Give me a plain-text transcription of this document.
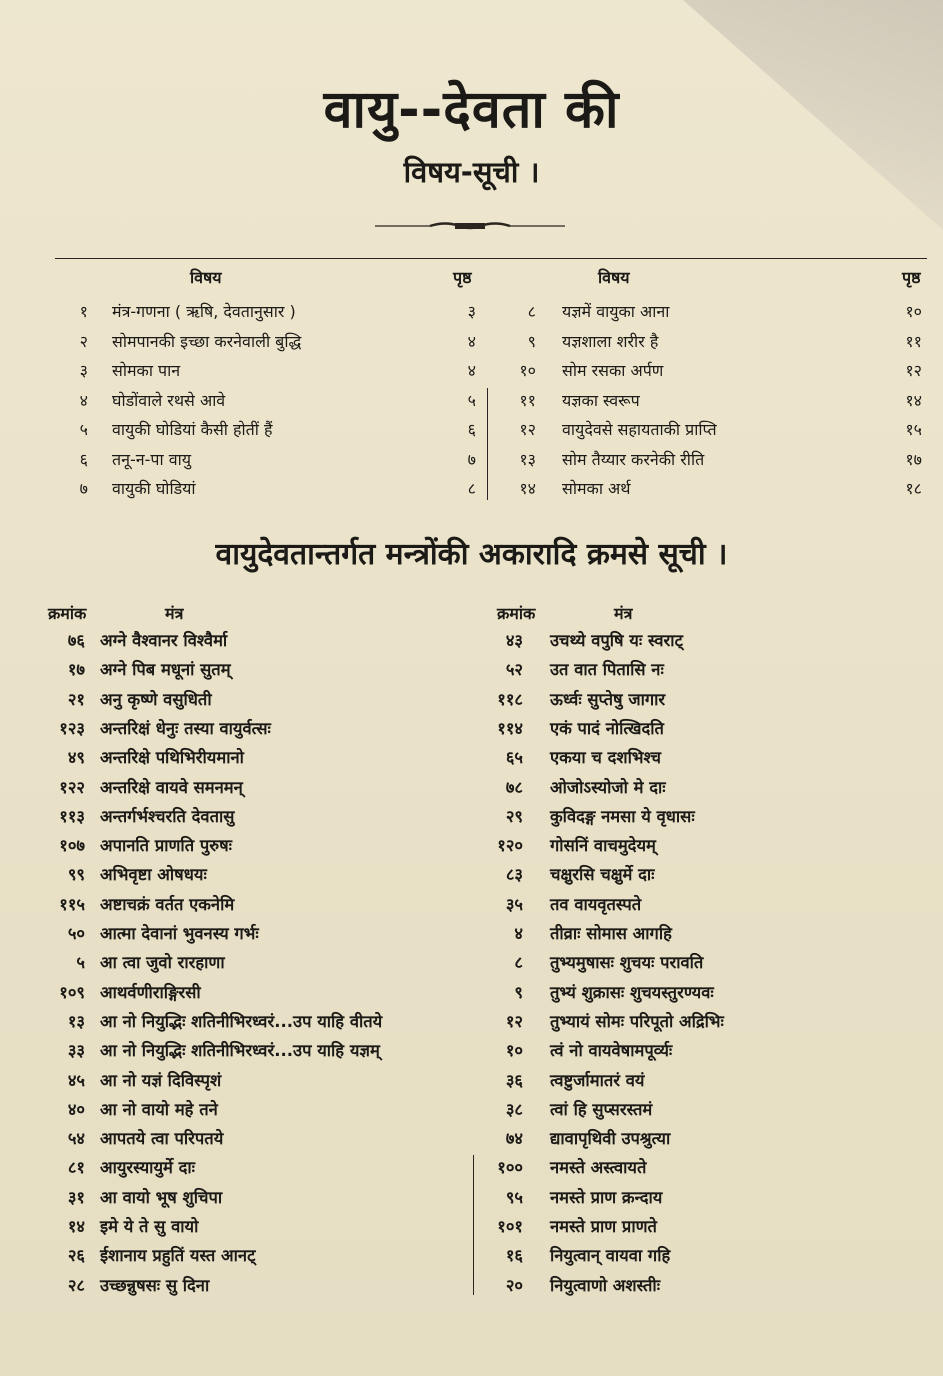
वायु--देवता की
विषय-सूची ।
विषय	पृष्ठ	विषय	पृष्ठ
१ मंत्र-गणना ( ऋषि, देवतानुसार )	३
२ सोमपानकी इच्छा करनेवाली बुद्धि	४
३ सोमका पान	४
४ घोडोंवाले रथसे आवे	५
५ वायुकी घोडियां कैसी होतीं हैं	६
६ तनू-न-पा वायु	७
७ वायुकी घोडियां	८
८ यज्ञमें वायुका आना	१०
९ यज्ञशाला शरीर है	११
१० सोम रसका अर्पण	१२
११ यज्ञका स्वरूप	१४
१२ वायुदेवसे सहायताकी प्राप्ति	१५
१३ सोम तैय्यार करनेकी रीति	१७
१४ सोमका अर्थ	१८
वायुदेवतान्तर्गत मन्त्रोंकी अकारादि क्रमसे सूची ।
क्रमांक	मंत्र	क्रमांक	मंत्र
७६ अग्ने वैश्वानर विश्वैर्मा
१७ अग्ने पिब मधूनां सुतम्
२१ अनु कृष्णे वसुधिती
१२३ अन्तरिक्षं धेनुः तस्या वायुर्वत्सः
४९ अन्तरिक्षे पथिभिरीयमानो
१२२ अन्तरिक्षे वायवे समनमन्
११३ अन्तर्गर्भश्चरति देवतासु
१०७ अपानति प्राणति पुरुषः
९९ अभिवृष्टा ओषधयः
११५ अष्टाचक्रं वर्तत एकनेमि
५० आत्मा देवानां भुवनस्य गर्भः
५ आ त्वा जुवो रारहाणा
१०९ आथर्वणीराङ्गिरसी
१३ आ नो नियुद्भिः शतिनीभिरध्वरं...उप याहि वीतये
३३ आ नो नियुद्भिः शतिनीभिरध्वरं...उप याहि यज्ञम्
४५ आ नो यज्ञं दिविस्पृशं
४० आ नो वायो महे तने
५४ आपतये त्वा परिपतये
८१ आयुरस्यायुर्मे दाः
३१ आ वायो भूष शुचिपा
१४ इमे ये ते सु वायो
२६ ईशानाय प्रहुतिं यस्त आनट्
२८ उच्छन्नुषसः सु दिना
४३ उचथ्ये वपुषि यः स्वराट्
५२ उत वात पितासि नः
११८ ऊर्ध्वः सुप्तेषु जागार
११४ एकं पादं नोत्खिदति
६५ एकया च दशभिश्च
७८ ओजोऽस्योजो मे दाः
२९ कुविदङ्ग नमसा ये वृधासः
१२० गोसनिं वाचमुदेयम्
८३ चक्षुरसि चक्षुर्मे दाः
३५ तव वायवृतस्पते
४ तीव्राः सोमास आगहि
८ तुभ्यमुषासः शुचयः परावति
९ तुभ्यं शुक्रासः शुचयस्तुरण्यवः
१२ तुभ्यायं सोमः परिपूतो अद्रिभिः
१० त्वं नो वायवेषामपूर्व्यः
३६ त्वष्टुर्जामातरं वयं
३८ त्वां हि सुप्सरस्तमं
७४ द्यावापृथिवी उपश्रुत्या
१०० नमस्ते अस्त्वायते
९५ नमस्ते प्राण क्रन्दाय
१०१ नमस्ते प्राण प्राणते
१६ नियुत्वान् वायवा गहि
२० नियुत्वाणो अशस्तीः
